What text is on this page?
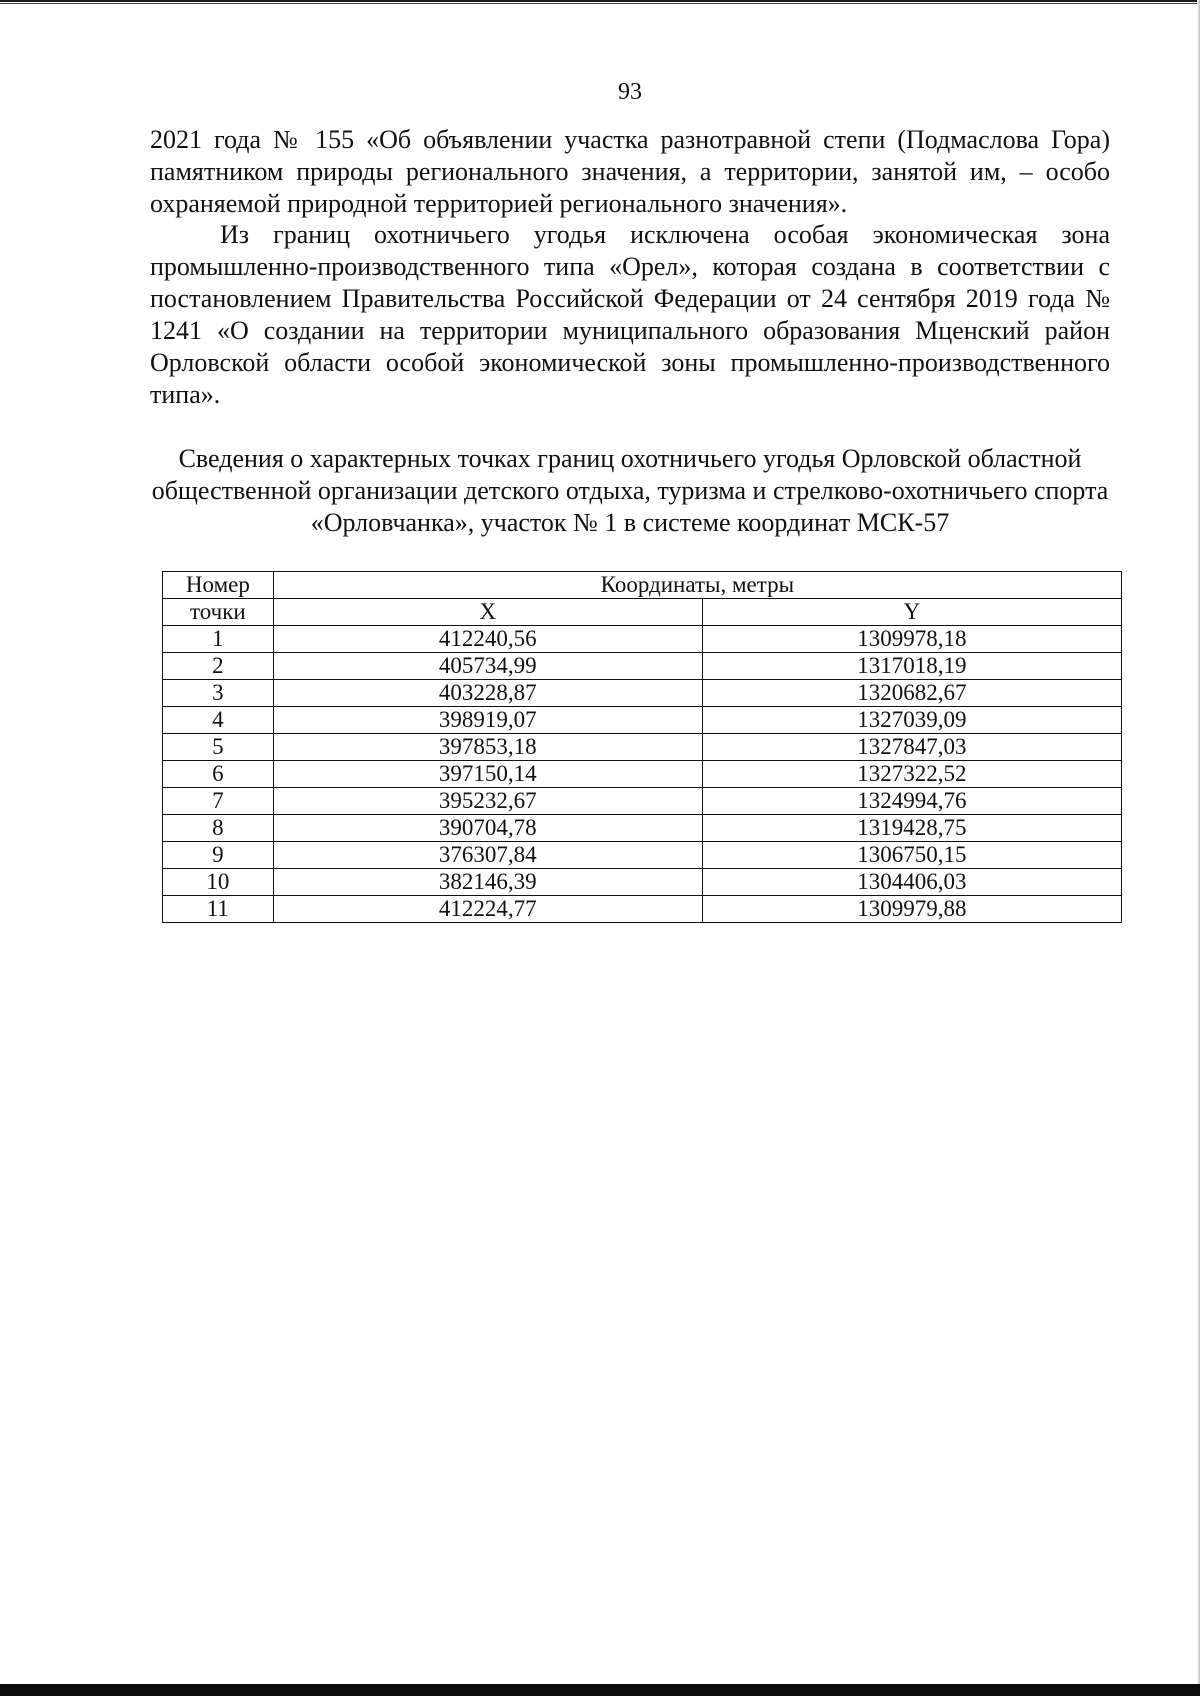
93

2021 года № 155 «Об объявлении участка разнотравной степи (Подмаслова Гора) памятником природы регионального значения, а территории, занятой им, – особо охраняемой природной территорией регионального значения».

Из границ охотничьего угодья исключена особая экономическая зона промышленно-производственного типа «Орел», которая создана в соответствии с постановлением Правительства Российской Федерации от 24 сентября 2019 года № 1241 «О создании на территории муниципального образования Мценский район Орловской области особой экономической зоны промышленно-производственного типа».

Сведения о характерных точках границ охотничьего угодья Орловской областной общественной организации детского отдыха, туризма и стрелково-охотничьего спорта «Орловчанка», участок № 1 в системе координат МСК-57
Номер	Координаты, метры	
точки	X	Y
1	412240,56	1309978,18
2	405734,99	1317018,19
3	403228,87	1320682,67
4	398919,07	1327039,09
5	397853,18	1327847,03
6	397150,14	1327322,52
7	395232,67	1324994,76
8	390704,78	1319428,75
9	376307,84	1306750,15
10	382146,39	1304406,03
11	412224,77	1309979,88
